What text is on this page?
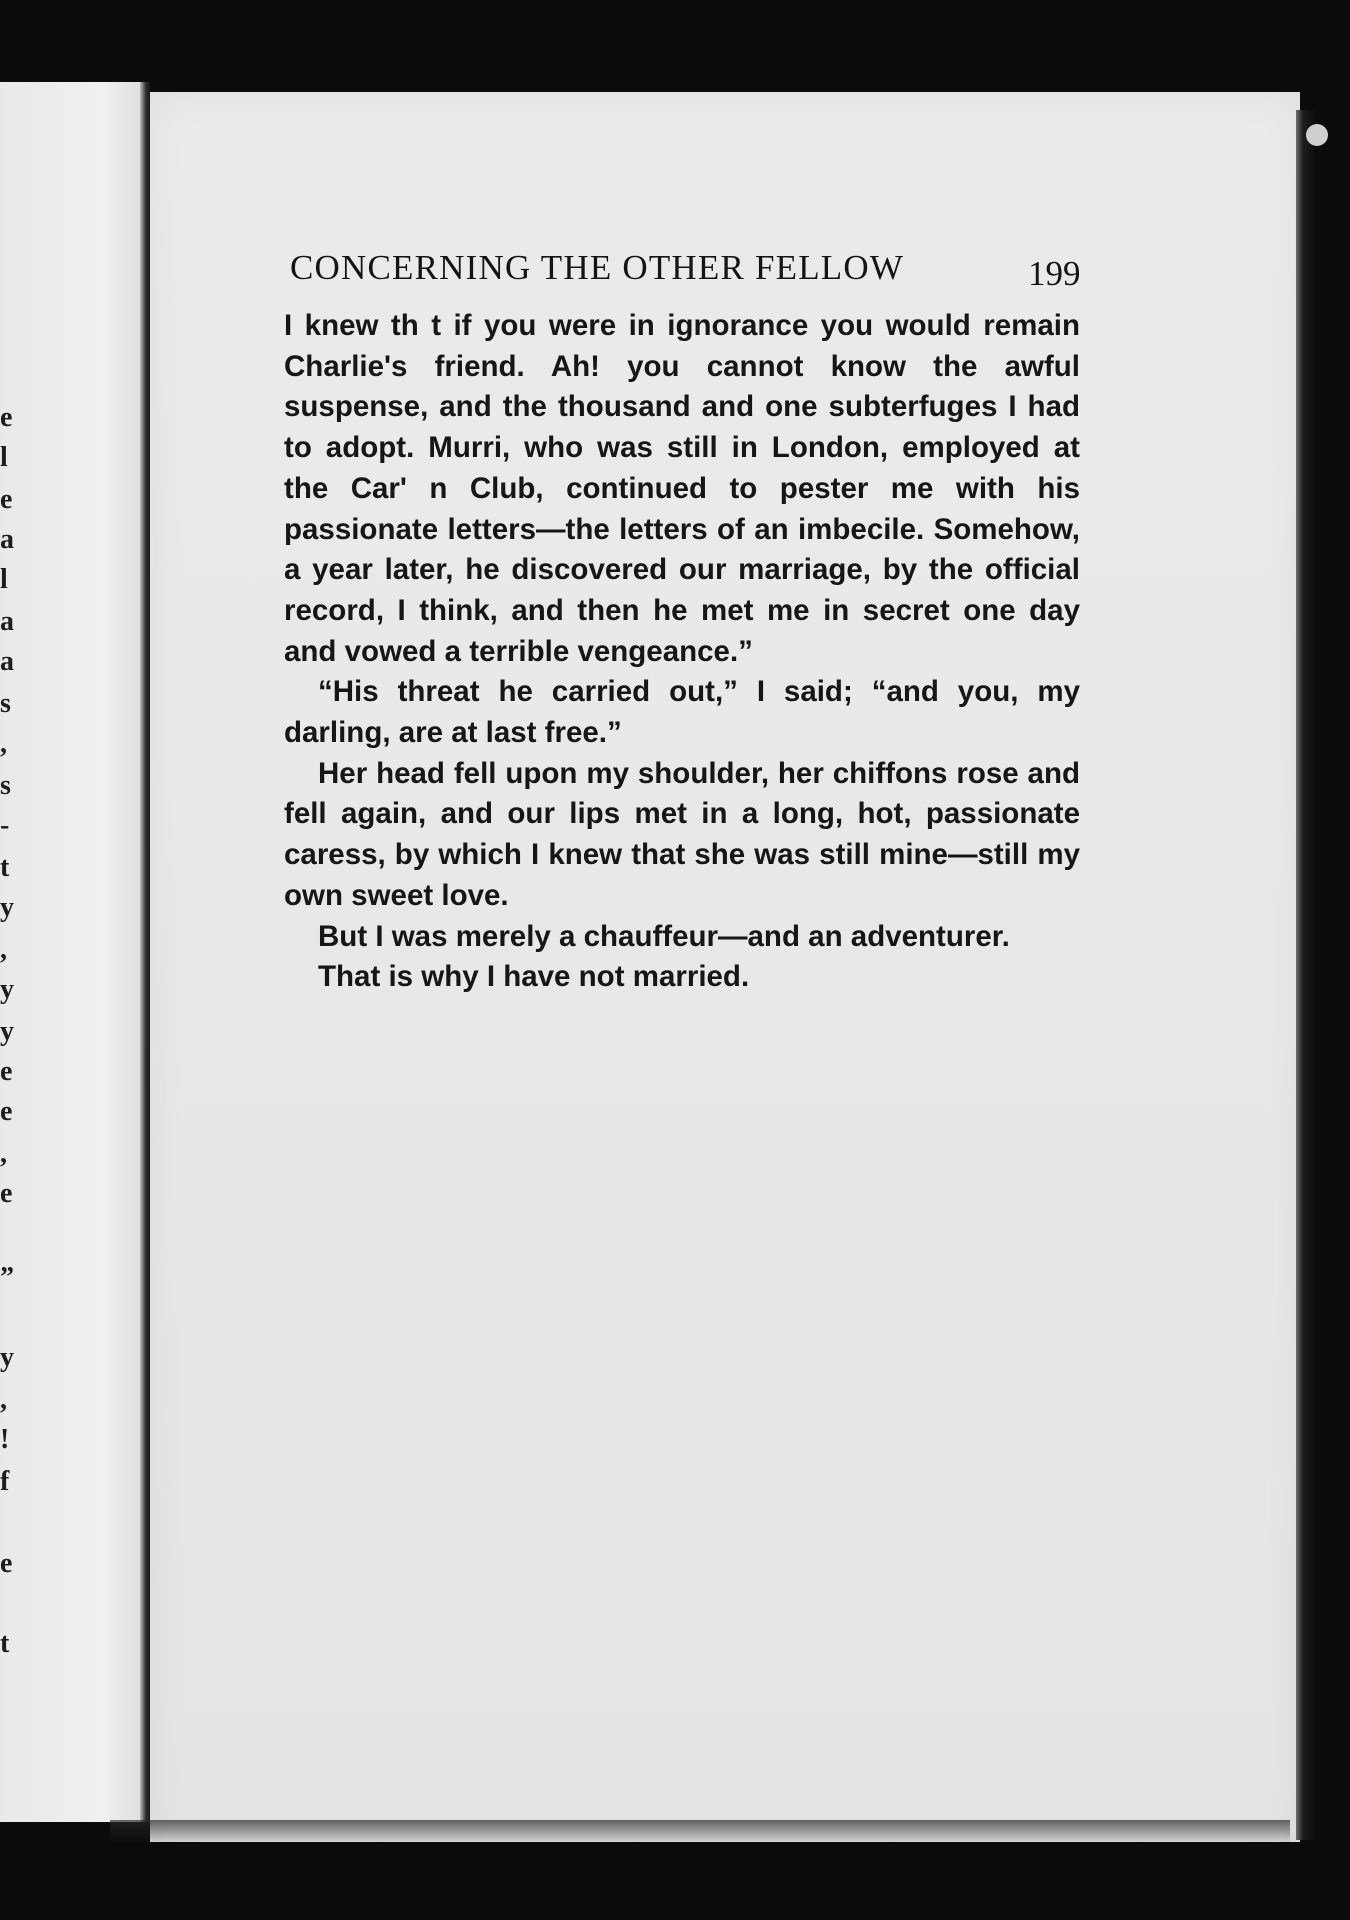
e
l
e
a
l
a
a
s
,
s
-
t
y
,
y
y
e
e
,
e
”
y
,
!
f
e
t
CONCERNING THE OTHER FELLOW	199

I knew th t if you were in ignorance you would remain Charlie's friend. Ah! you cannot know the awful suspense, and the thousand and one subterfuges I had to adopt. Murri, who was still in London, employed at the Car' n Club, continued to pester me with his passionate letters—the letters of an imbecile. Somehow, a year later, he discovered our marriage, by the official record, I think, and then he met me in secret one day and vowed a terrible vengeance.”

“His threat he carried out,” I said; “and you, my darling, are at last free.”

Her head fell upon my shoulder, her chiffons rose and fell again, and our lips met in a long, hot, passionate caress, by which I knew that she was still mine—still my own sweet love.

But I was merely a chauffeur—and an adventurer.

That is why I have not married.
